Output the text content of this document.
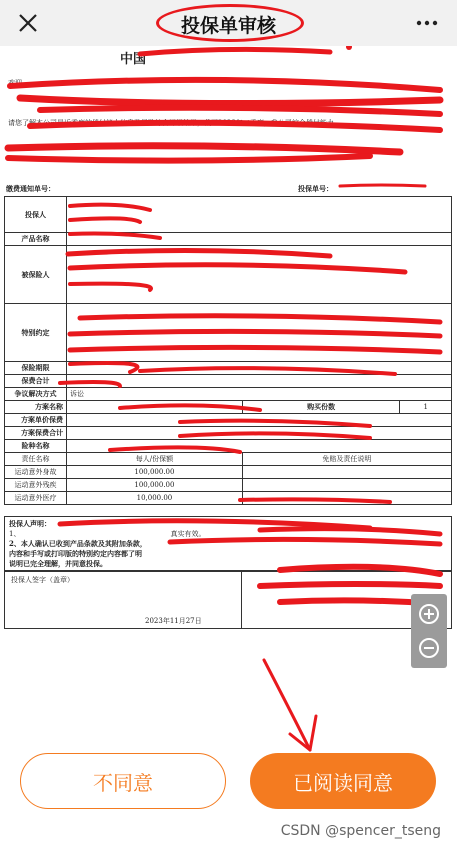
投保单审核
中国
欢迎

请您了解本公司最近季度的偿付能力信息及风险综合评级结果，截至2023年二季度，我公司综合偿付能力
缴费通知单号：	投保单号：
投保人			
产品名称			
被保险人			
特别约定			
保险期限			
保费合计			
争议解决方式	诉讼		
方案名称		购买份数	1
方案单价保费			
方案保费合计			
险种名称			
责任名称	每人/份保额	免赔及责任说明	
运动意外身故	100,000.00		
运动意外残疾	100,000.00		
运动意外医疗	10,000.00		
投保人声明：
1、	真实有效。
2、本人确认已收到产品条款及其附加条款，
内容和手写或打印版的特别约定内容都了明
说明已完全理解，并同意投保。
投保人签字（盖章）
2023年11月27日
不同意	已阅读同意
CSDN @spencer_tseng
